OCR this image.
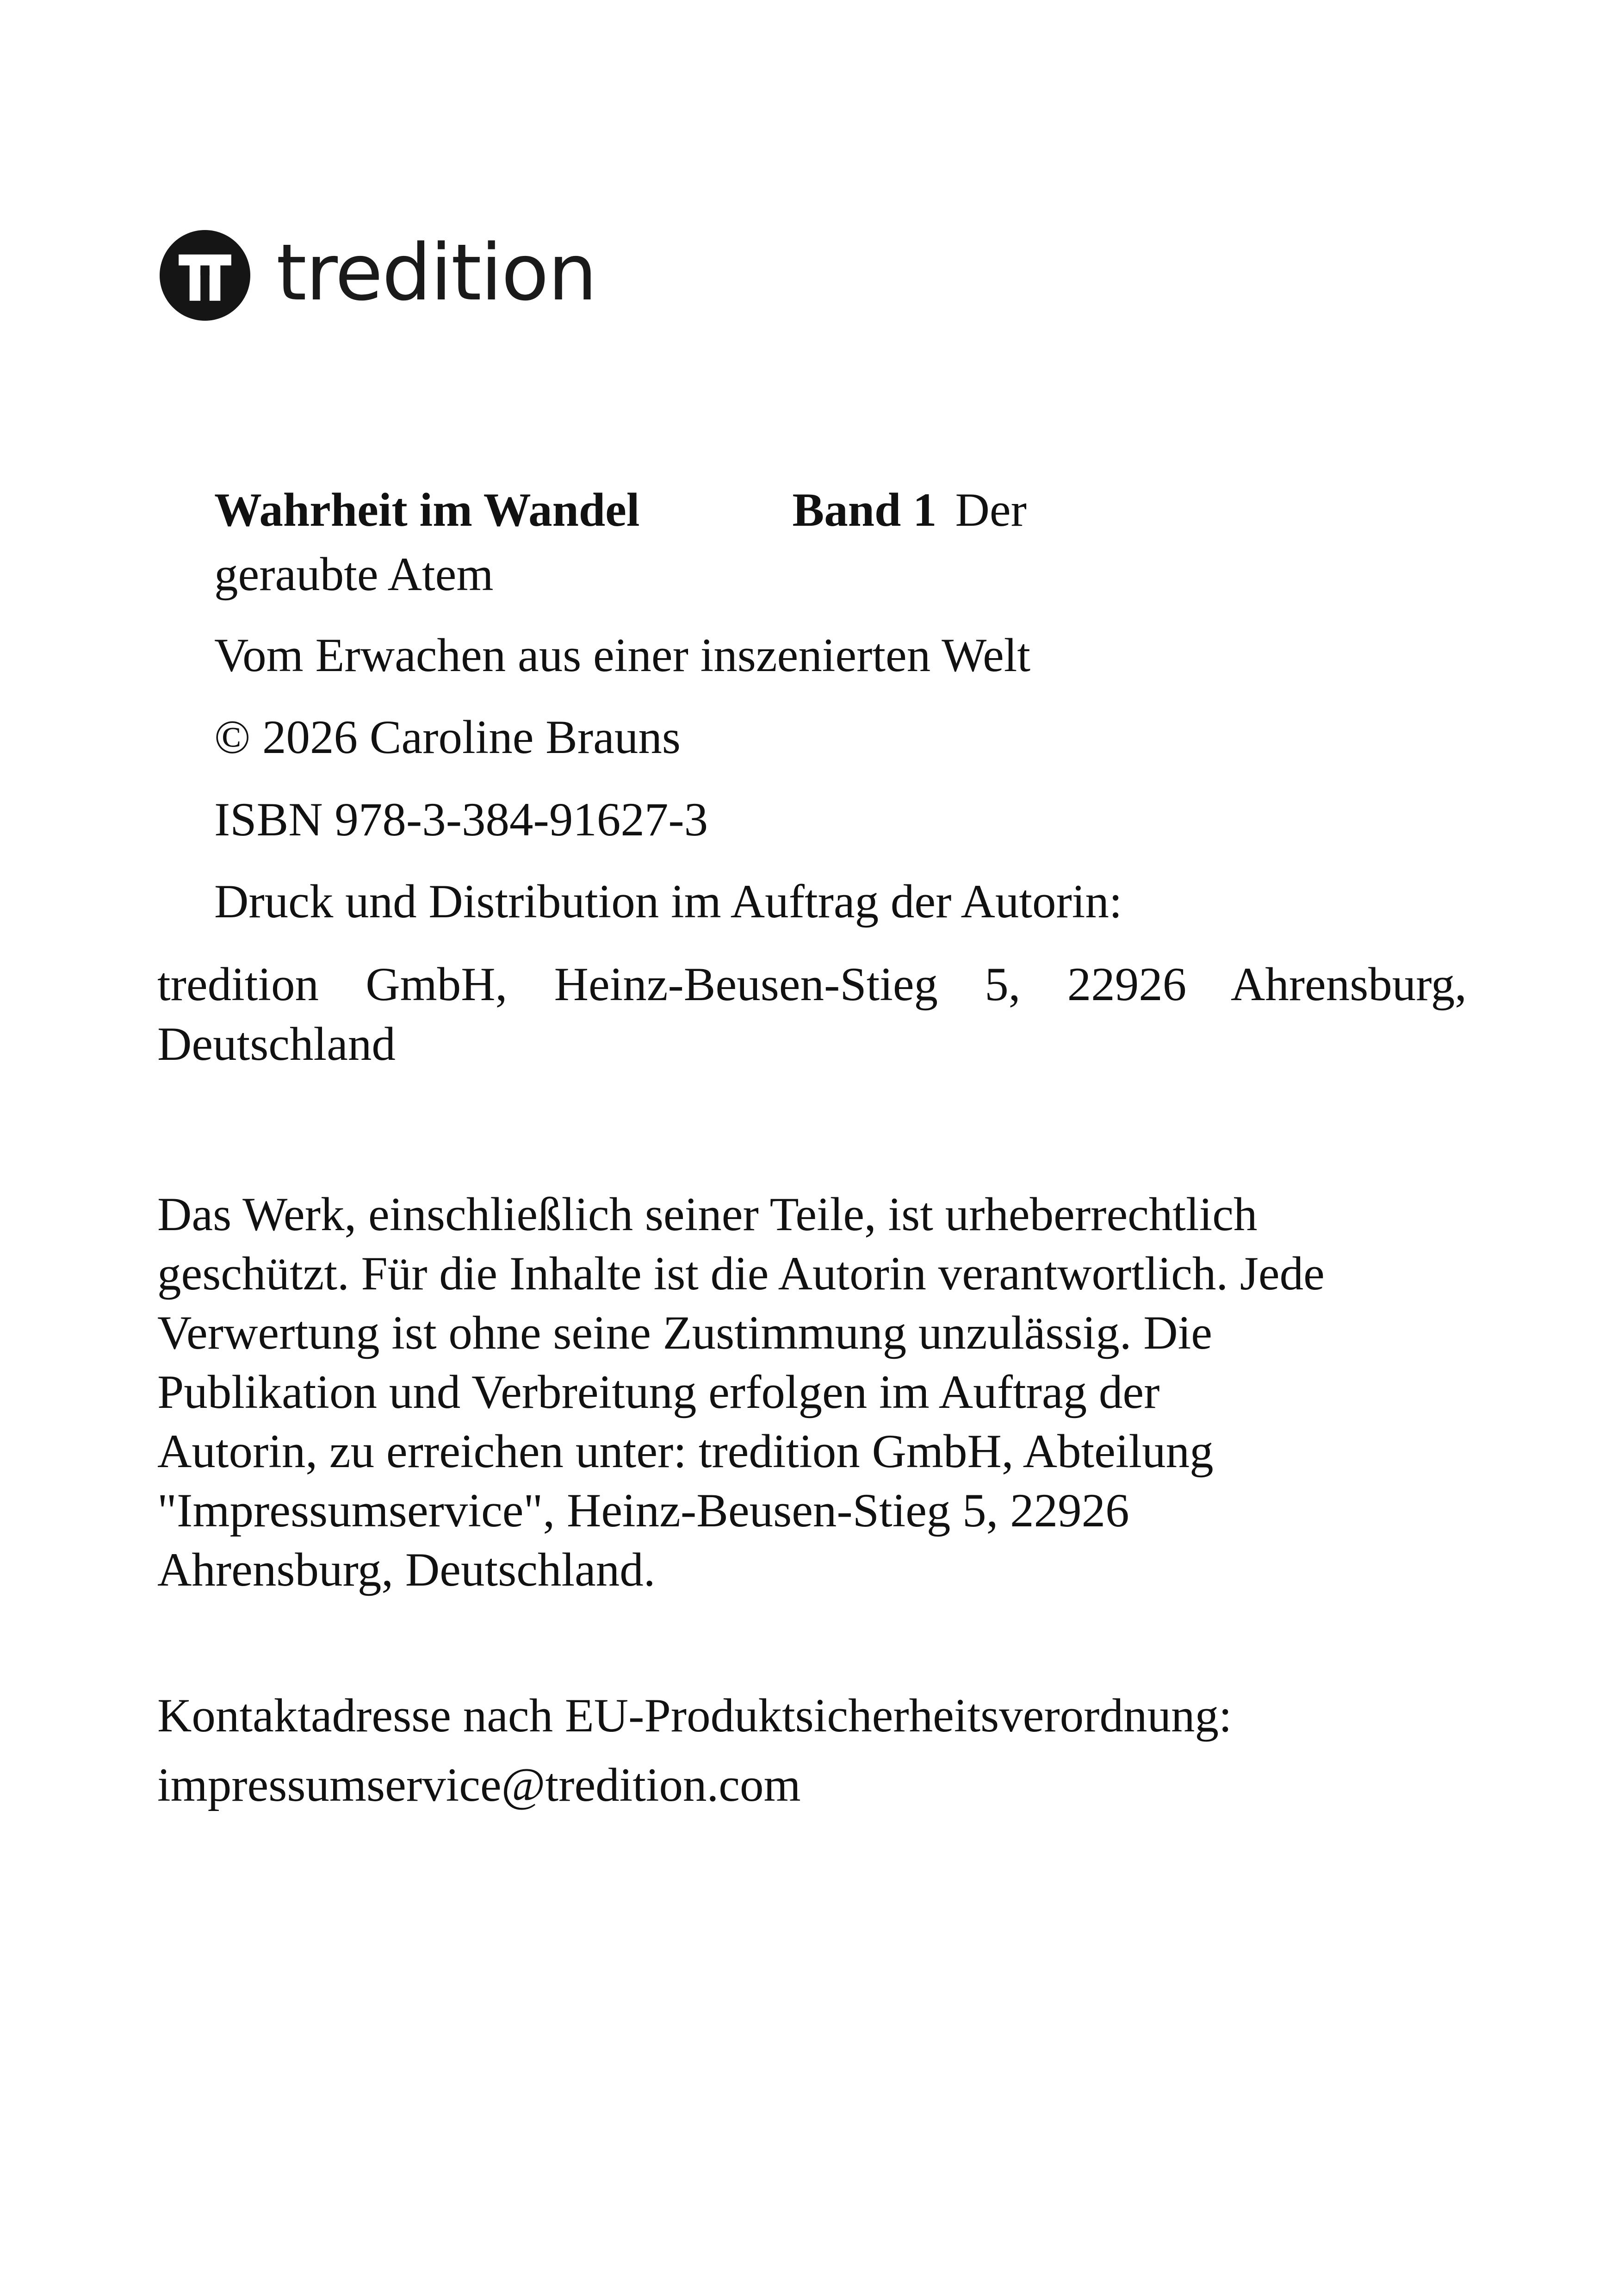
tredition
Wahrheit im Wandel	Band 1 Der
geraubte Atem
Vom Erwachen aus einer inszenierten Welt
© 2026 Caroline Brauns
ISBN 978-3-384-91627-3
Druck und Distribution im Auftrag der Autorin:
tredition GmbH, Heinz-Beusen-Stieg 5, 22926 Ahrensburg,
Deutschland
Das Werk, einschließlich seiner Teile, ist urheberrechtlich
geschützt. Für die Inhalte ist die Autorin verantwortlich. Jede
Verwertung ist ohne seine Zustimmung unzulässig. Die
Publikation und Verbreitung erfolgen im Auftrag der
Autorin, zu erreichen unter: tredition GmbH, Abteilung
"Impressumservice", Heinz-Beusen-Stieg 5, 22926
Ahrensburg, Deutschland.
Kontaktadresse nach EU-Produktsicherheitsverordnung:
impressumservice@tredition.com
